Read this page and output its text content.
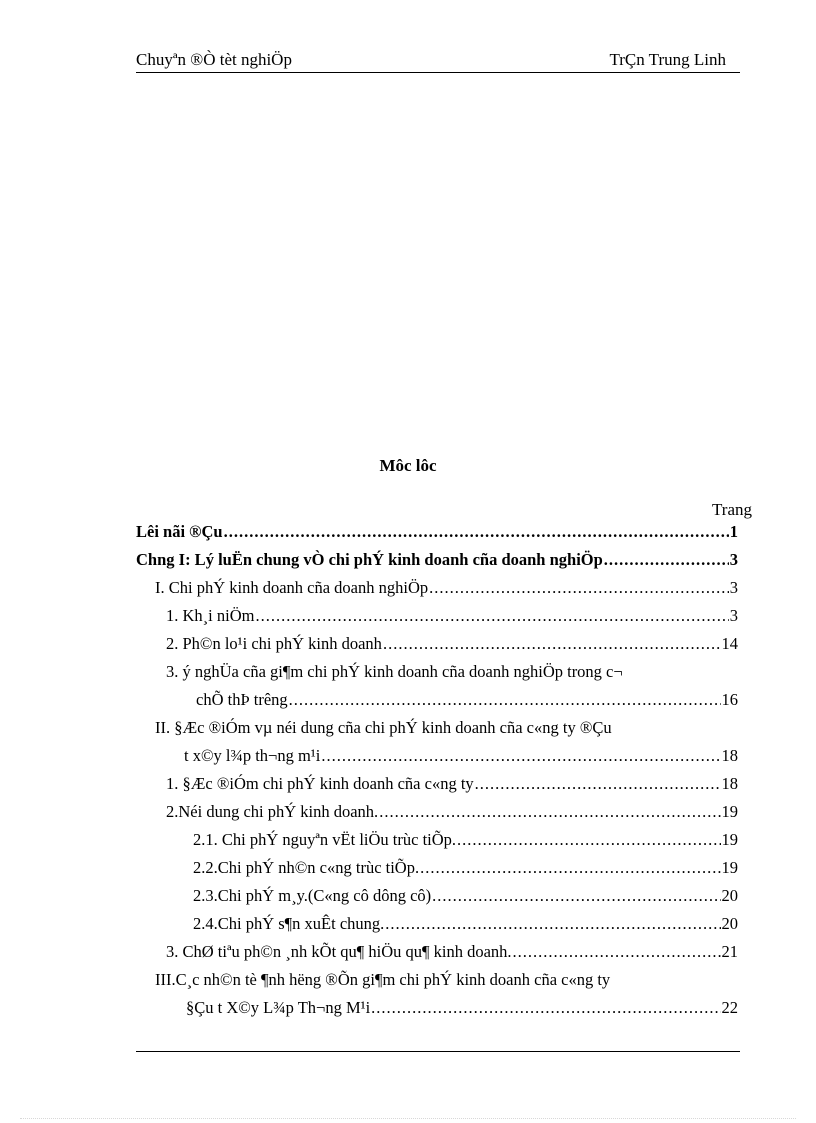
Chuyªn ®Ò tèt nghiÖp	TrÇn Trung Linh
Môc lôc
Trang
Lêi nãi ®Çu .....	1
Chng I: Lý luËn chung vÒ chi phÝ kinh doanh cña doanh nghiÖp .....	3
I. Chi phÝ kinh doanh cña doanh nghiÖp .....	3
1. Kh¸i niÖm .....	3
2. Ph©n lo¹i chi phÝ kinh doanh .....	14
3. ý nghÜa cña gi¶m chi phÝ kinh doanh cña doanh nghiÖp trong c¬
chÕ thÞ trêng .....	16
II. §Æc ®iÓm vµ néi dung cña chi phÝ kinh doanh cña c«ng ty ®Çu
t x©y l¾p th¬ng m¹i .....	18
1. §Æc ®iÓm chi phÝ kinh doanh cña c«ng ty .....	18
2.Néi dung chi phÝ kinh doanh. .....	19
2.1. Chi phÝ nguyªn vËt liÖu trùc tiÕp. .....	19
2.2.Chi phÝ nh©n c«ng trùc tiÕp. .....	19
2.3.Chi phÝ m¸y.(C«ng cô dông cô) .....	20
2.4.Chi phÝ s¶n xuÊt chung. .....	20
3. ChØ tiªu ph©n ¸nh kÕt qu¶ hiÖu qu¶ kinh doanh. .....	21
III.C¸c nh©n tè ¶nh hëng ®Õn gi¶m chi phÝ kinh doanh cña c«ng ty
§Çu t X©y L¾p Th¬ng M¹i .....	22
